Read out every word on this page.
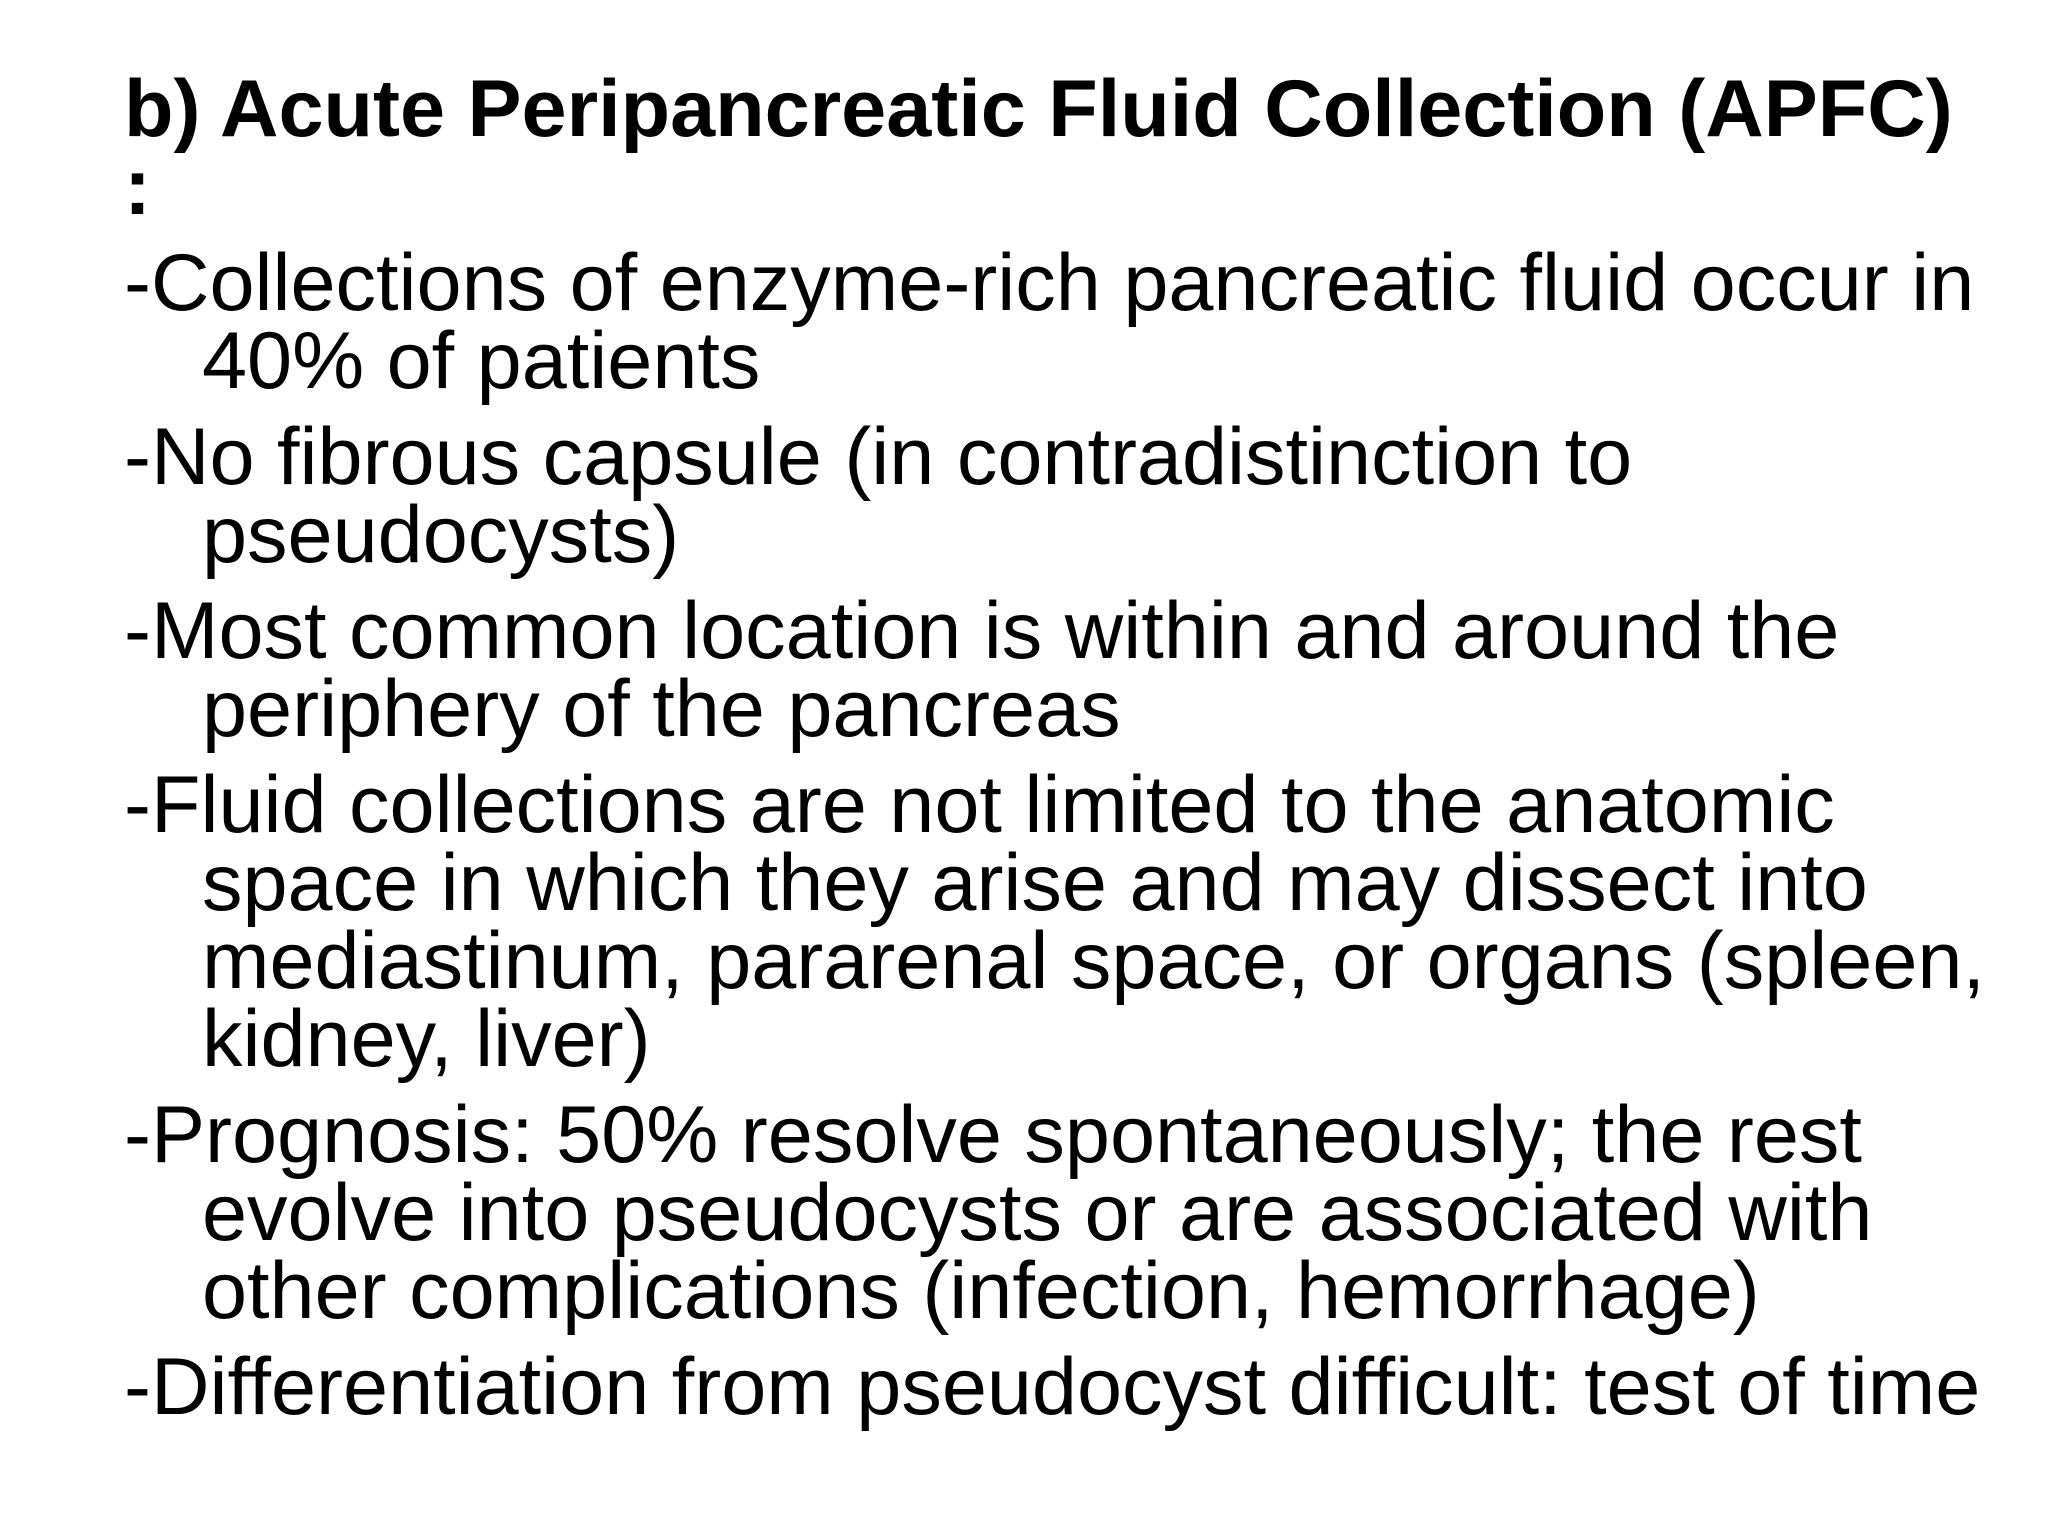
b) Acute Peripancreatic Fluid Collection (APFC)
:
-Collections of enzyme-rich pancreatic fluid occur in 40% of patients
-No fibrous capsule (in contradistinction to pseudocysts)
-Most common location is within and around the periphery of the pancreas
-Fluid collections are not limited to the anatomic space in which they arise and may dissect into mediastinum, pararenal space, or organs (spleen, kidney, liver)
-Prognosis: 50% resolve spontaneously; the rest evolve into pseudocysts or are associated with other complications (infection, hemorrhage)
-Differentiation from pseudocyst difficult: test of time
